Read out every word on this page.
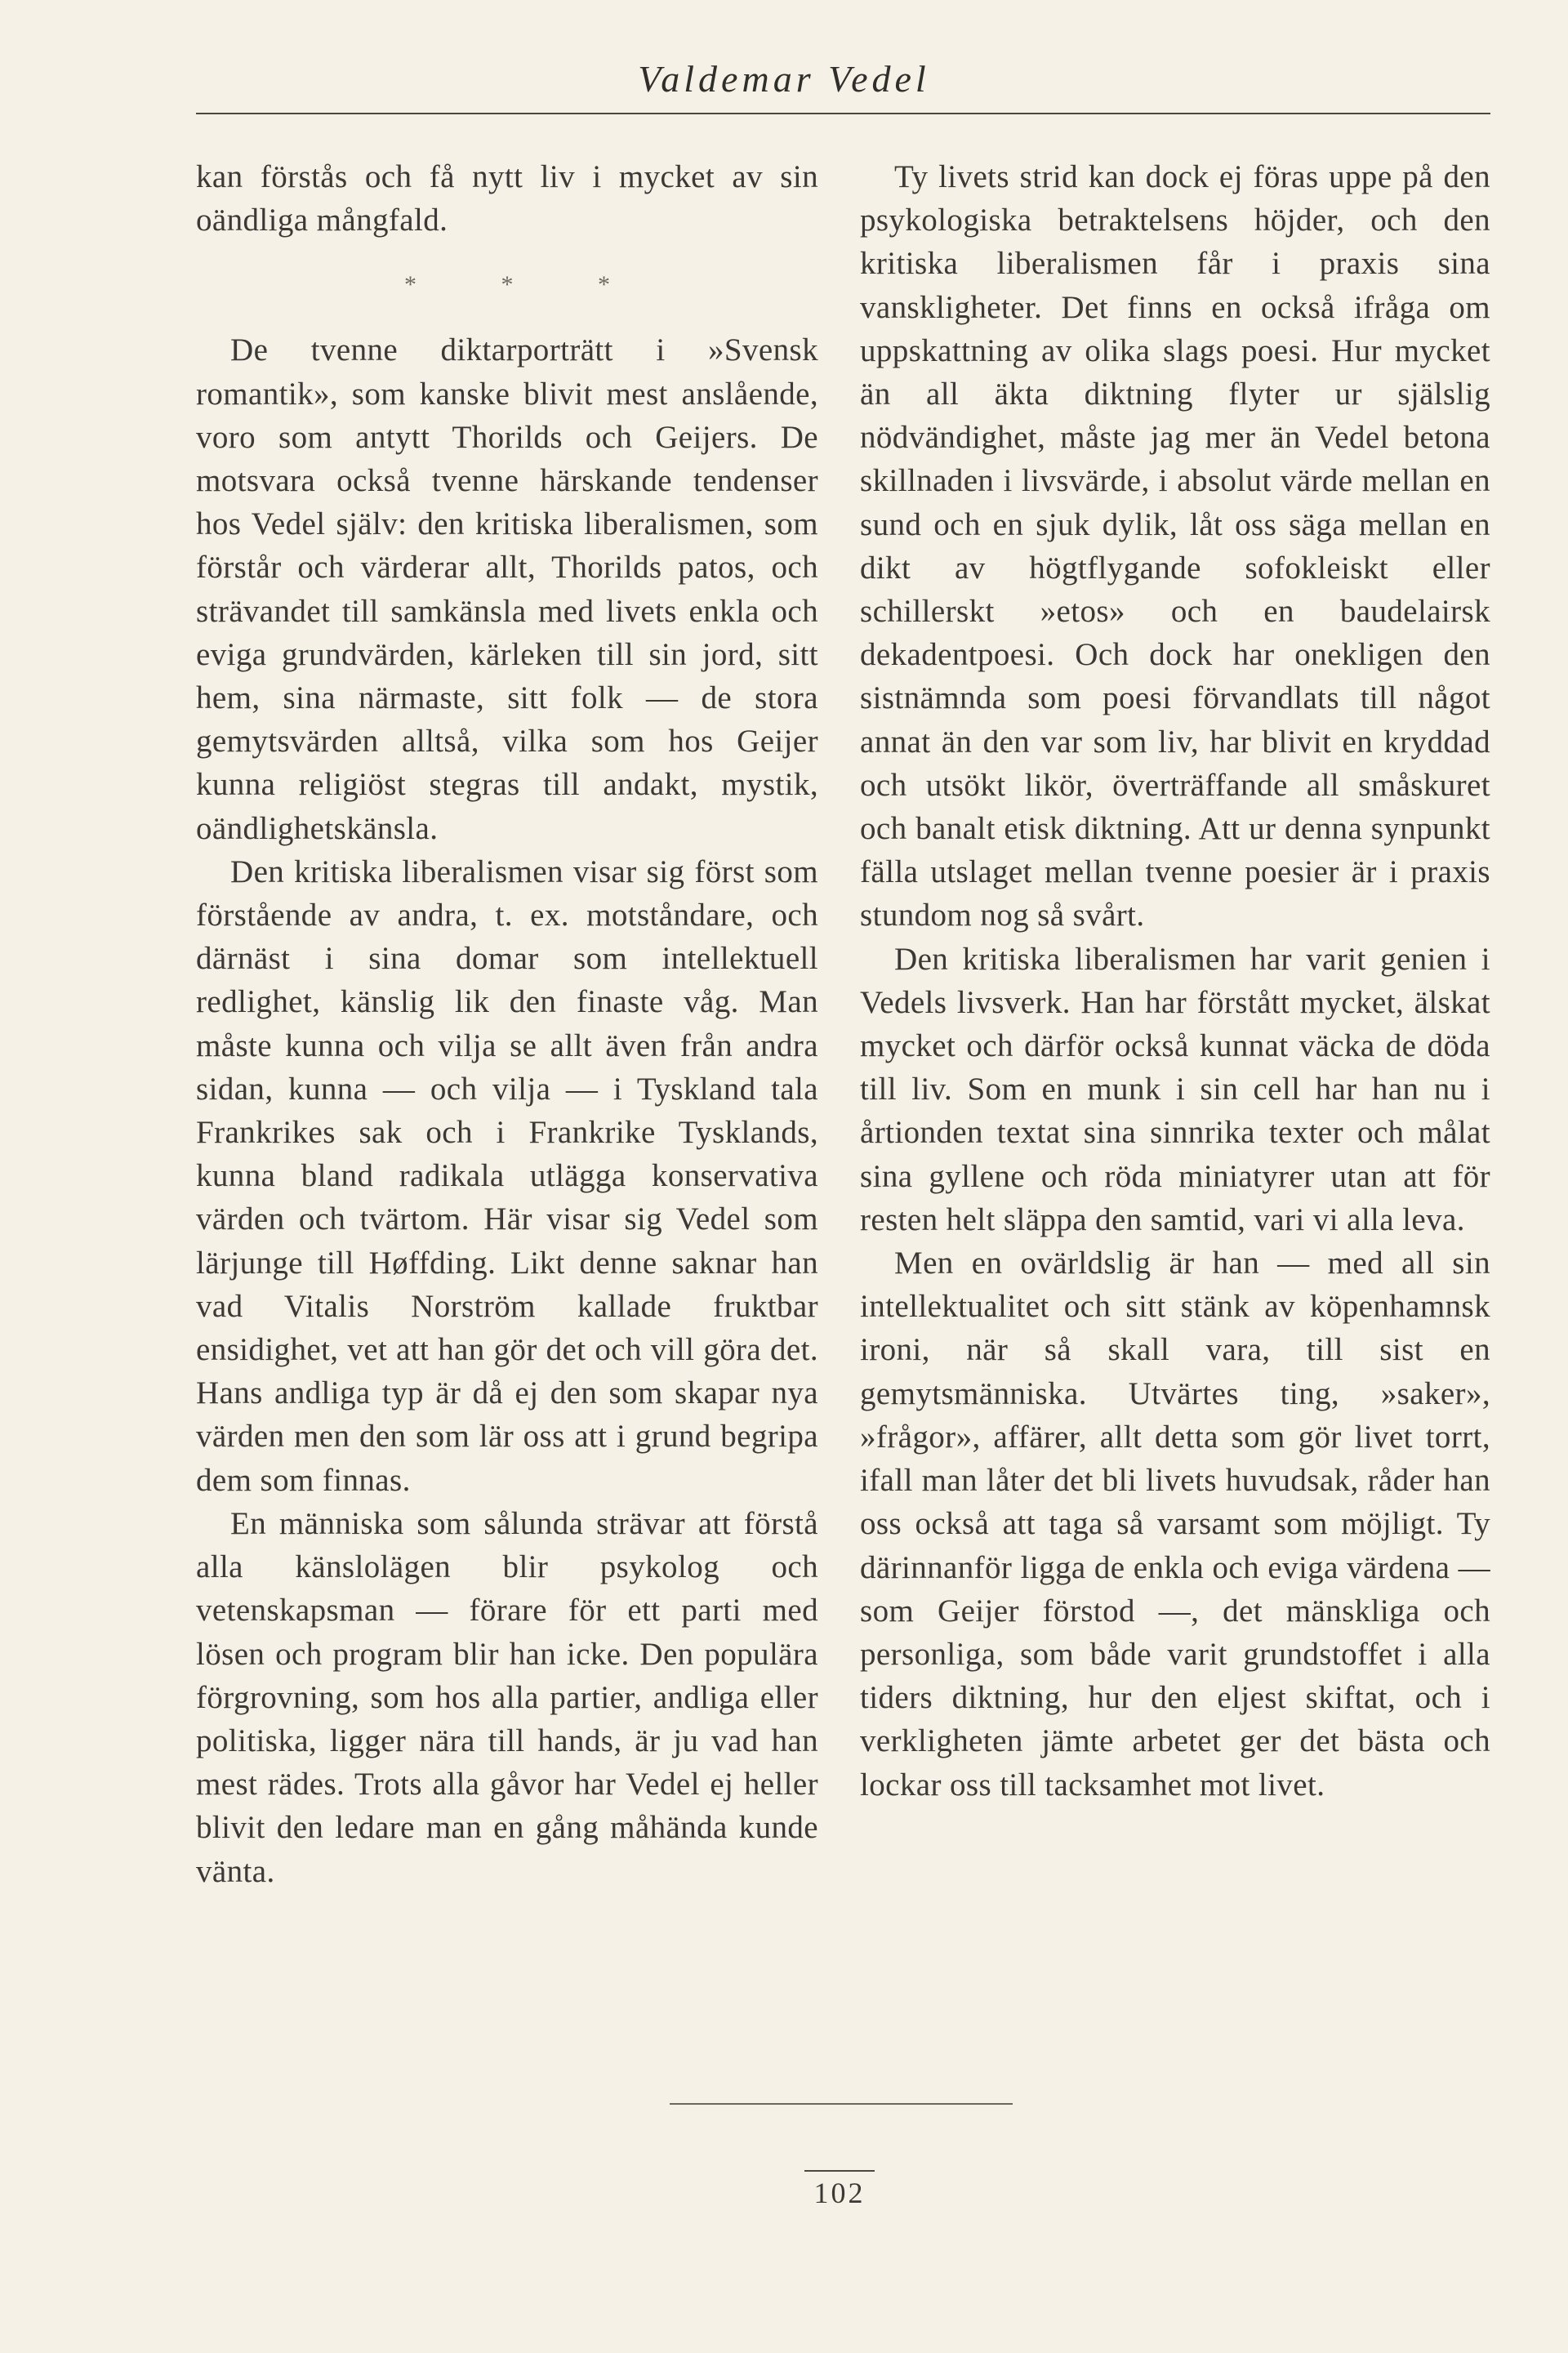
Valdemar Vedel

kan förstås och få nytt liv i mycket av sin oändliga mångfald.

* * *

De tvenne diktarporträtt i »Svensk romantik», som kanske blivit mest anslående, voro som antytt Thorilds och Geijers. De motsvara också tvenne härskande tendenser hos Vedel själv: den kritiska liberalismen, som förstår och värderar allt, Thorilds patos, och strävandet till samkänsla med livets enkla och eviga grundvärden, kärleken till sin jord, sitt hem, sina närmaste, sitt folk — de stora gemytsvärden alltså, vilka som hos Geijer kunna religiöst stegras till andakt, mystik, oändlighetskänsla.

Den kritiska liberalismen visar sig först som förstående av andra, t. ex. motståndare, och därnäst i sina domar som intellektuell redlighet, känslig lik den finaste våg. Man måste kunna och vilja se allt även från andra sidan, kunna — och vilja — i Tyskland tala Frankrikes sak och i Frankrike Tysklands, kunna bland radikala utlägga konservativa värden och tvärtom. Här visar sig Vedel som lärjunge till Høffding. Likt denne saknar han vad Vitalis Norström kallade fruktbar ensidighet, vet att han gör det och vill göra det. Hans andliga typ är då ej den som skapar nya värden men den som lär oss att i grund begripa dem som finnas.

En människa som sålunda strävar att förstå alla känslolägen blir psykolog och vetenskapsman — förare för ett parti med lösen och program blir han icke. Den populära förgrovning, som hos alla partier, andliga eller politiska, ligger nära till hands, är ju vad han mest rädes. Trots alla gåvor har Vedel ej heller blivit den ledare man en gång måhända kunde vänta.

Ty livets strid kan dock ej föras uppe på den psykologiska betraktelsens höjder, och den kritiska liberalismen får i praxis sina vanskligheter. Det finns en också ifråga om uppskattning av olika slags poesi. Hur mycket än all äkta diktning flyter ur själslig nödvändighet, måste jag mer än Vedel betona skillnaden i livsvärde, i absolut värde mellan en sund och en sjuk dylik, låt oss säga mellan en dikt av högtflygande sofokleiskt eller schillerskt »etos» och en baudelairsk dekadentpoesi. Och dock har onekligen den sistnämnda som poesi förvandlats till något annat än den var som liv, har blivit en kryddad och utsökt likör, överträffande all småskuret och banalt etisk diktning. Att ur denna synpunkt fälla utslaget mellan tvenne poesier är i praxis stundom nog så svårt.

Den kritiska liberalismen har varit genien i Vedels livsverk. Han har förstått mycket, älskat mycket och därför också kunnat väcka de döda till liv. Som en munk i sin cell har han nu i årtionden textat sina sinnrika texter och målat sina gyllene och röda miniatyrer utan att för resten helt släppa den samtid, vari vi alla leva.

Men en ovärldslig är han — med all sin intellektualitet och sitt stänk av köpenhamnsk ironi, när så skall vara, till sist en gemytsmänniska. Utvärtes ting, »saker», »frågor», affärer, allt detta som gör livet torrt, ifall man låter det bli livets huvudsak, råder han oss också att taga så varsamt som möjligt. Ty därinnanför ligga de enkla och eviga värdena — som Geijer förstod —, det mänskliga och personliga, som både varit grundstoffet i alla tiders diktning, hur den eljest skiftat, och i verkligheten jämte arbetet ger det bästa och lockar oss till tacksamhet mot livet.

102
